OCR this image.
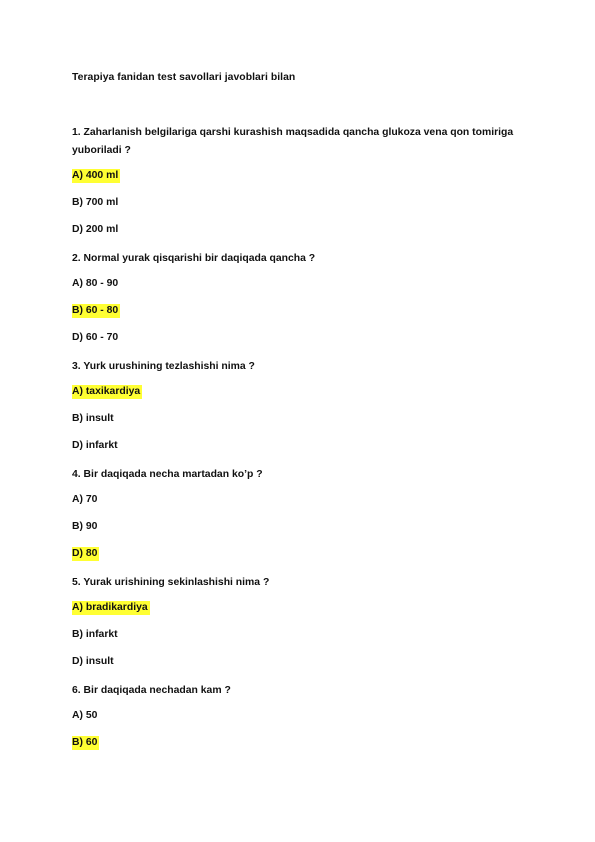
Terapiya fanidan test savollari javoblari bilan

1. Zaharlanish belgilariga qarshi kurashish maqsadida qancha glukoza vena qon tomiriga yuboriladi ?

A) 400 ml
B) 700 ml
D) 200 ml

2. Normal yurak qisqarishi bir daqiqada qancha ?

A) 80 - 90
B) 60 - 80
D) 60 - 70

3. Yurk urushining tezlashishi nima ?

A) taxikardiya
B) insult
D) infarkt

4. Bir daqiqada necha martadan ko’p ?

A) 70
B) 90
D) 80

5. Yurak urishining sekinlashishi nima ?

A) bradikardiya
B) infarkt
D) insult

6. Bir daqiqada nechadan kam ?

A) 50
B) 60
